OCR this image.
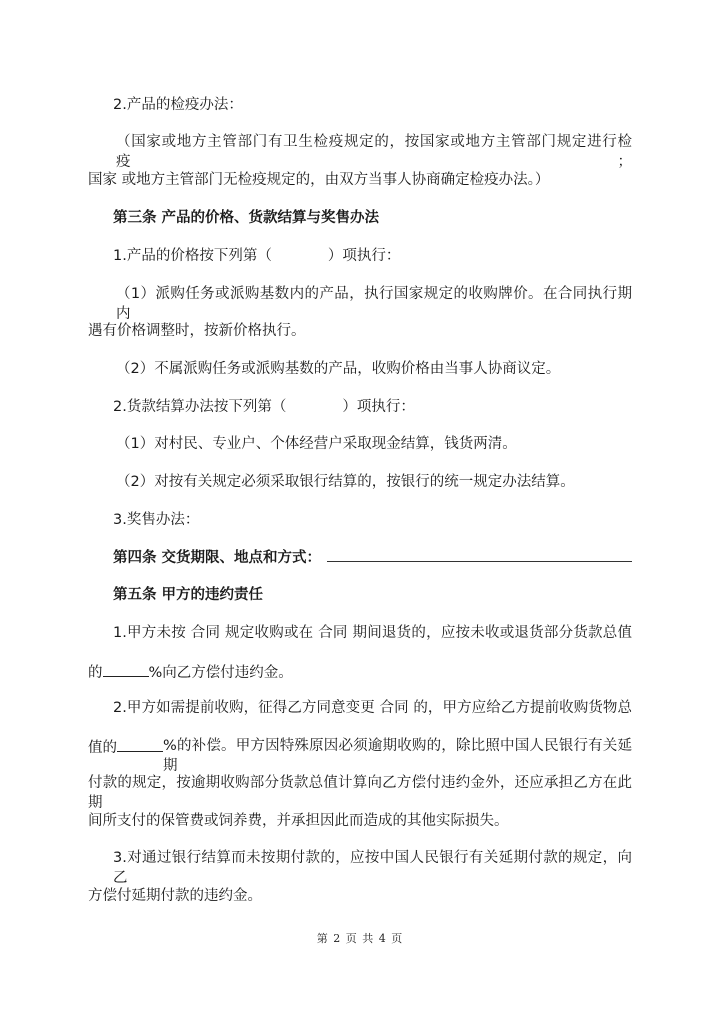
2.产品的检疫办法：
（国家或地方主管部门有卫生检疫规定的，按国家或地方主管部门规定进行检疫；
国家 或地方主管部门无检疫规定的，由双方当事人协商确定检疫办法。）
第三条 产品的价格、货款结算与奖售办法
1.产品的价格按下列第（	）项执行：
（1）派购任务或派购基数内的产品，执行国家规定的收购牌价。在合同执行期内
遇有价格调整时，按新价格执行。
（2）不属派购任务或派购基数的产品，收购价格由当事人协商议定。
2.货款结算办法按下列第（	）项执行：
（1）对村民、专业户、个体经营户采取现金结算，钱货两清。
（2）对按有关规定必须采取银行结算的，按银行的统一规定办法结算。
3.奖售办法：
第四条 交货期限、地点和方式：
第五条 甲方的违约责任
1.甲方未按 合同 规定收购或在 合同 期间退货的，应按未收或退货部分货款总值
的	%向乙方偿付违约金。
2.甲方如需提前收购，征得乙方同意变更 合同 的，甲方应给乙方提前收购货物总
值的	%的补偿。甲方因特殊原因必须逾期收购的，除比照中国人民银行有关延期
付款的规定，按逾期收购部分货款总值计算向乙方偿付违约金外，还应承担乙方在此期
间所支付的保管费或饲养费，并承担因此而造成的其他实际损失。
3.对通过银行结算而未按期付款的，应按中国人民银行有关延期付款的规定，向乙
方偿付延期付款的违约金。
第 2 页 共 4 页
